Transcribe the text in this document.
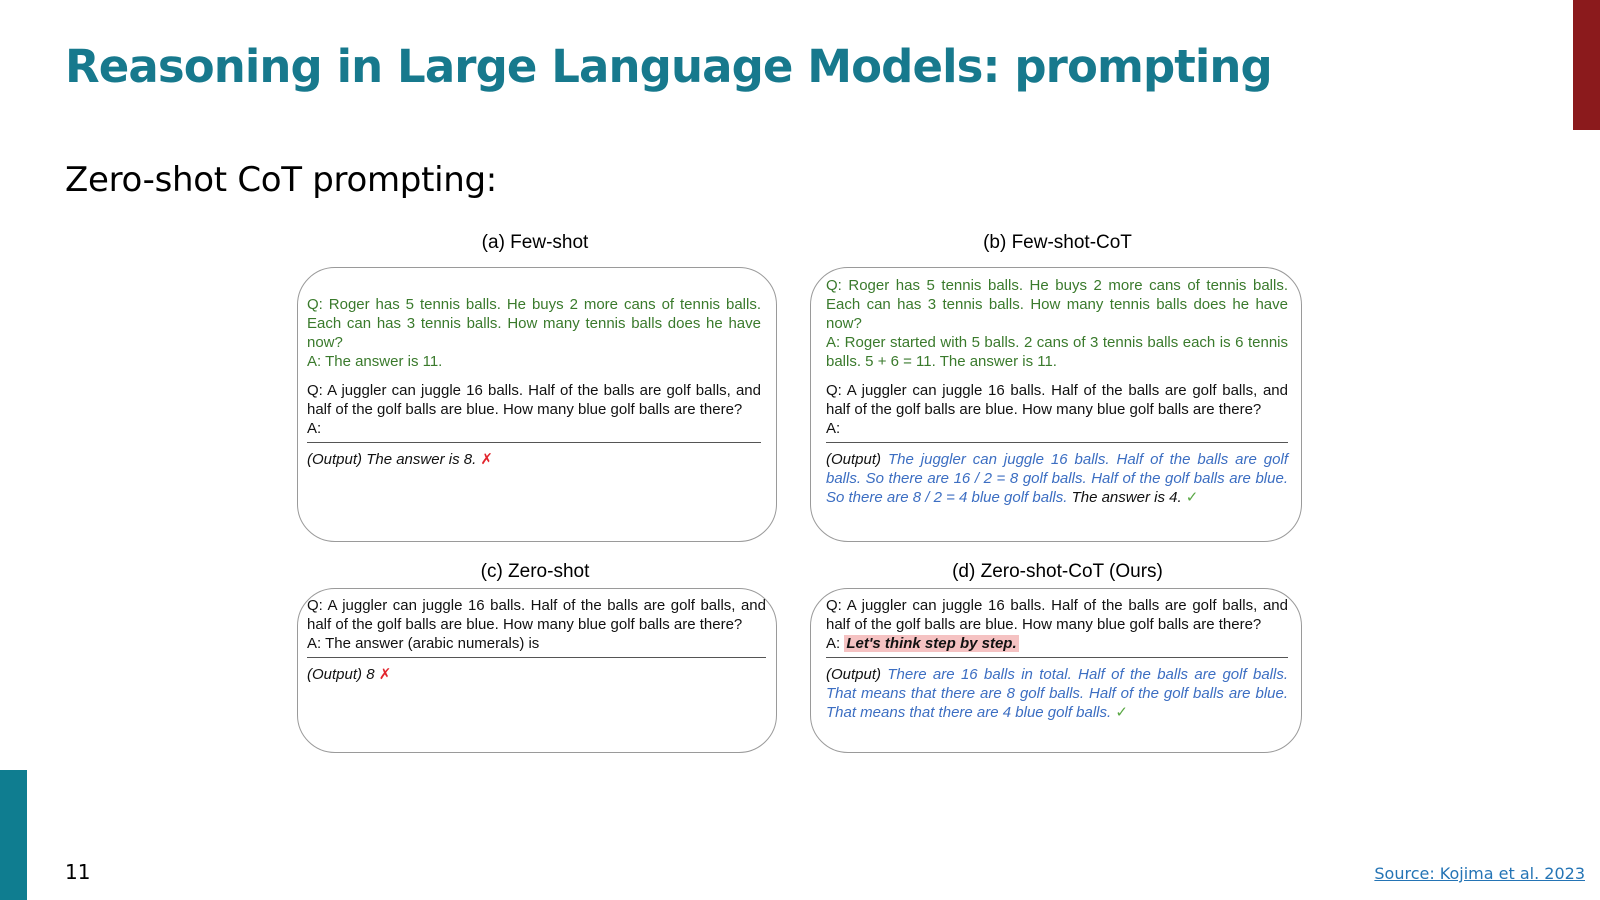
Reasoning in Large Language Models: prompting
Zero-shot CoT prompting:
(a) Few-shot

Q: Roger has 5 tennis balls. He buys 2 more cans of tennis balls. Each can has 3 tennis balls. How many tennis balls does he have now?

A: The answer is 11.

Q: A juggler can juggle 16 balls. Half of the balls are golf balls, and half of the golf balls are blue. How many blue golf balls are there?

A:

(Output) The answer is 8. ✗

(b) Few-shot-CoT

Q: Roger has 5 tennis balls. He buys 2 more cans of tennis balls. Each can has 3 tennis balls. How many tennis balls does he have now?

A: Roger started with 5 balls. 2 cans of 3 tennis balls each is 6 tennis balls. 5 + 6 = 11. The answer is 11.

Q: A juggler can juggle 16 balls. Half of the balls are golf balls, and half of the golf balls are blue. How many blue golf balls are there?

A:

(Output) The juggler can juggle 16 balls. Half of the balls are golf balls. So there are 16 / 2 = 8 golf balls. Half of the golf balls are blue. So there are 8 / 2 = 4 blue golf balls. The answer is 4. ✓

(c) Zero-shot

Q: A juggler can juggle 16 balls. Half of the balls are golf balls, and half of the golf balls are blue. How many blue golf balls are there?

A: The answer (arabic numerals) is

(Output) 8 ✗

(d) Zero-shot-CoT (Ours)

Q: A juggler can juggle 16 balls. Half of the balls are golf balls, and half of the golf balls are blue. How many blue golf balls are there?

A: Let's think step by step.

(Output) There are 16 balls in total. Half of the balls are golf balls. That means that there are 8 golf balls. Half of the golf balls are blue. That means that there are 4 blue golf balls. ✓

11	Source: Kojima et al. 2023
